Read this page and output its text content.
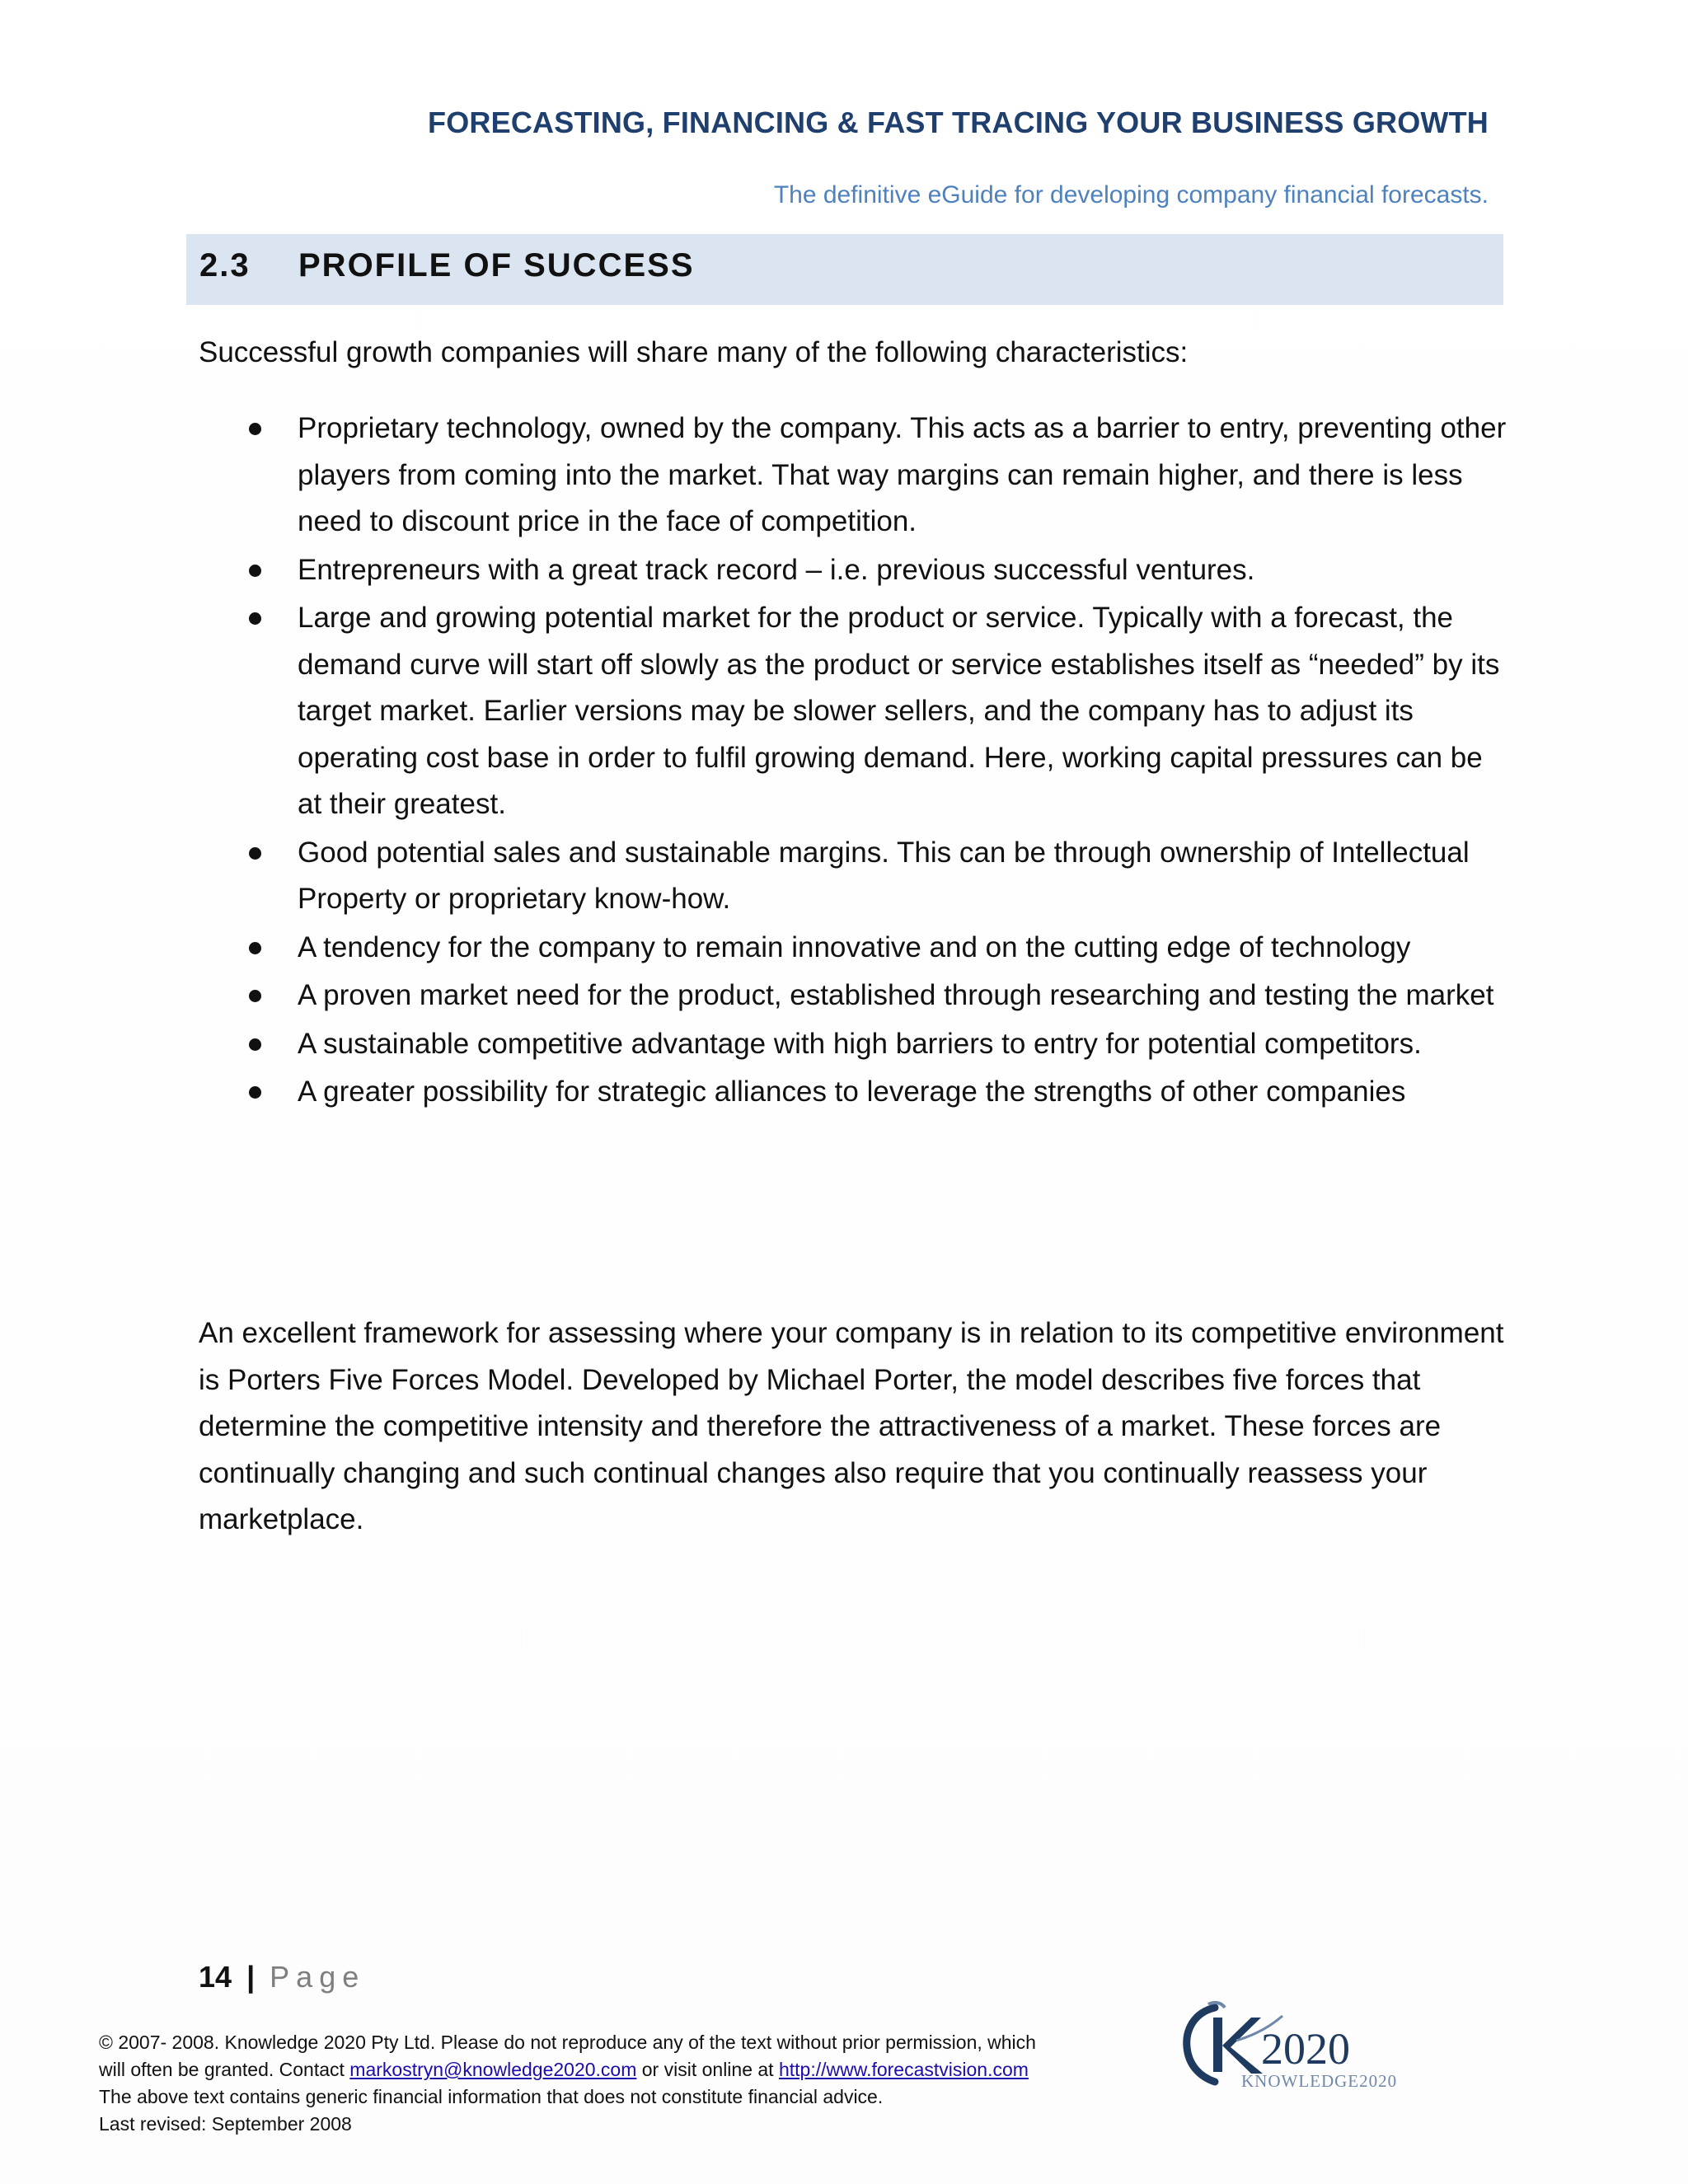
FORECASTING, FINANCING & FAST TRACING YOUR BUSINESS GROWTH
The definitive eGuide for developing company financial forecasts.
2.3 PROFILE OF SUCCESS
Successful growth companies will share many of the following characteristics:
Proprietary technology, owned by the company. This acts as a barrier to entry, preventing other players from coming into the market. That way margins can remain higher, and there is less need to discount price in the face of competition.
Entrepreneurs with a great track record – i.e. previous successful ventures.
Large and growing potential market for the product or service. Typically with a forecast, the demand curve will start off slowly as the product or service establishes itself as “needed” by its target market. Earlier versions may be slower sellers, and the company has to adjust its operating cost base in order to fulfil growing demand. Here, working capital pressures can be at their greatest.
Good potential sales and sustainable margins. This can be through ownership of Intellectual Property or proprietary know-how.
A tendency for the company to remain innovative and on the cutting edge of technology
A proven market need for the product, established through researching and testing the market
A sustainable competitive advantage with high barriers to entry for potential competitors.
A greater possibility for strategic alliances to leverage the strengths of other companies
An excellent framework for assessing where your company is in relation to its competitive environment is Porters Five Forces Model. Developed by Michael Porter, the model describes five forces that determine the competitive intensity and therefore the attractiveness of a market. These forces are continually changing and such continual changes also require that you continually reassess your marketplace.
14 | Page
© 2007- 2008. Knowledge 2020 Pty Ltd. Please do not reproduce any of the text without prior permission, which
will often be granted. Contact markostryn@knowledge2020.com or visit online at http://www.forecastvision.com
The above text contains generic financial information that does not constitute financial advice.
Last revised: September 2008
2020
KNOWLEDGE2020
